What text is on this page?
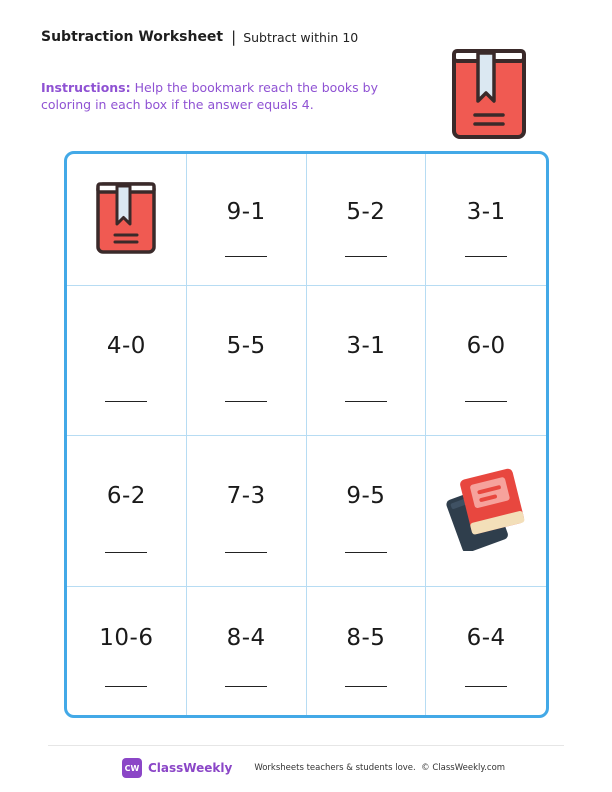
Subtraction Worksheet | Subtract within 10
Instructions: Help the bookmark reach the books by coloring in each box if the answer equals 4.
9-1	5-2	3-1
4-0	5-5	3-1	6-0
6-2	7-3	9-5
10-6	8-4	8-5	6-4
CW ClassWeekly	Worksheets teachers & students love. © ClassWeekly.com
